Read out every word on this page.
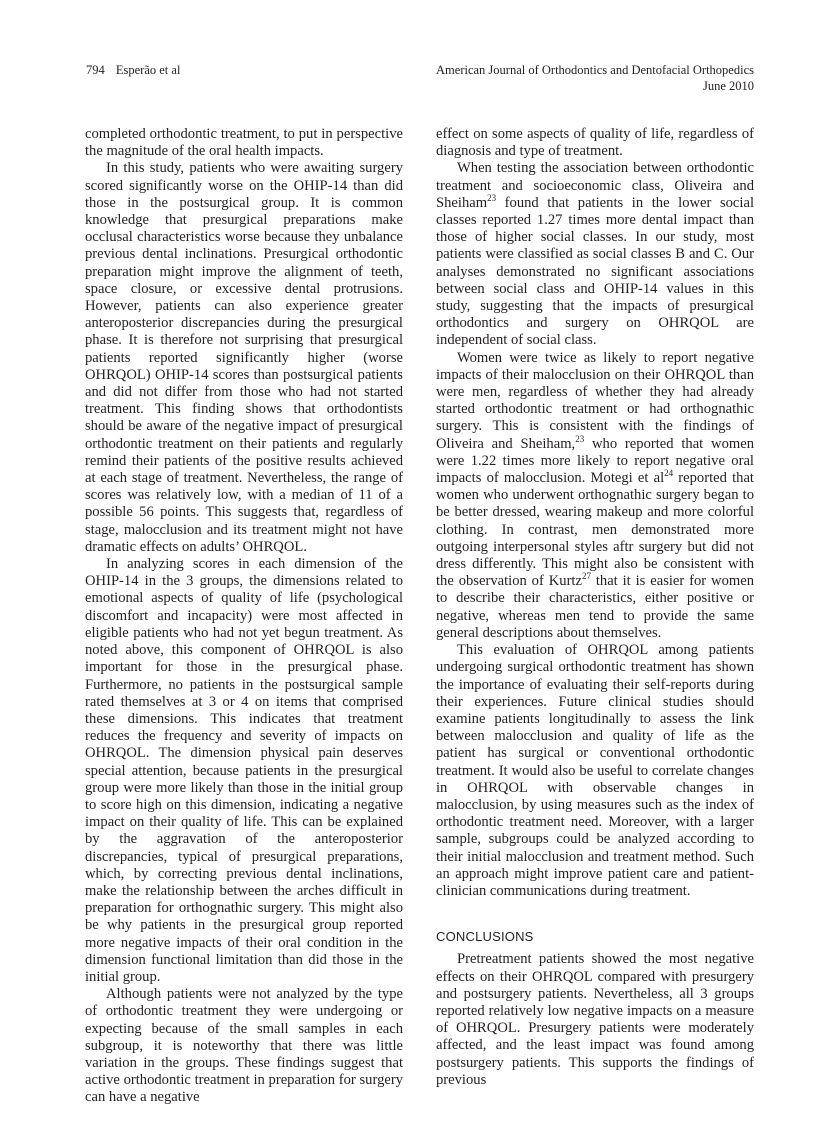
794 Esperão et al	American Journal of Orthodontics and Dentofacial Orthopedics
June 2010

completed orthodontic treatment, to put in perspective the magnitude of the oral health impacts.

In this study, patients who were awaiting surgery scored significantly worse on the OHIP-14 than did those in the postsurgical group. It is common knowledge that presurgical preparations make occlusal characteristics worse because they unbalance previous dental inclinations. Presurgical orthodontic preparation might improve the alignment of teeth, space closure, or excessive dental protrusions. However, patients can also experience greater anteroposterior discrepancies during the presurgical phase. It is therefore not surprising that presurgical patients reported significantly higher (worse OHRQOL) OHIP-14 scores than postsurgical patients and did not differ from those who had not started treatment. This finding shows that orthodontists should be aware of the negative impact of presurgical orthodontic treatment on their patients and regularly remind their patients of the positive results achieved at each stage of treatment. Nevertheless, the range of scores was relatively low, with a median of 11 of a possible 56 points. This suggests that, regardless of stage, malocclusion and its treatment might not have dramatic effects on adults’ OHRQOL.

In analyzing scores in each dimension of the OHIP-14 in the 3 groups, the dimensions related to emotional aspects of quality of life (psychological discomfort and incapacity) were most affected in eligible patients who had not yet begun treatment. As noted above, this component of OHRQOL is also important for those in the presurgical phase. Furthermore, no patients in the postsurgical sample rated themselves at 3 or 4 on items that comprised these dimensions. This indicates that treatment reduces the frequency and severity of impacts on OHRQOL. The dimension physical pain deserves special attention, because patients in the presurgical group were more likely than those in the initial group to score high on this dimension, indicating a negative impact on their quality of life. This can be explained by the aggravation of the anteroposterior discrepancies, typical of presurgical preparations, which, by correcting previous dental inclinations, make the relationship between the arches difficult in preparation for orthognathic surgery. This might also be why patients in the presurgical group reported more negative impacts of their oral condition in the dimension functional limitation than did those in the initial group.

Although patients were not analyzed by the type of orthodontic treatment they were undergoing or expecting because of the small samples in each subgroup, it is noteworthy that there was little variation in the groups. These findings suggest that active orthodontic treatment in preparation for surgery can have a negative

effect on some aspects of quality of life, regardless of diagnosis and type of treatment.

When testing the association between orthodontic treatment and socioeconomic class, Oliveira and Sheiham$^{23}$ found that patients in the lower social classes reported 1.27 times more dental impact than those of higher social classes. In our study, most patients were classified as social classes B and C. Our analyses demonstrated no significant associations between social class and OHIP-14 values in this study, suggesting that the impacts of presurgical orthodontics and surgery on OHRQOL are independent of social class.

Women were twice as likely to report negative impacts of their malocclusion on their OHRQOL than were men, regardless of whether they had already started orthodontic treatment or had orthognathic surgery. This is consistent with the findings of Oliveira and Sheiham,$^{23}$ who reported that women were 1.22 times more likely to report negative oral impacts of malocclusion. Motegi et $al^{24}$ reported that women who underwent orthognathic surgery began to be better dressed, wearing makeup and more colorful clothing. In contrast, men demonstrated more outgoing interpersonal styles aftr surgery but did not dress differently. This might also be consistent with the observation of Kurtz$^{27}$ that it is easier for women to describe their characteristics, either positive or negative, whereas men tend to provide the same general descriptions about themselves.

This evaluation of OHRQOL among patients undergoing surgical orthodontic treatment has shown the importance of evaluating their self-reports during their experiences. Future clinical studies should examine patients longitudinally to assess the link between malocclusion and quality of life as the patient has surgical or conventional orthodontic treatment. It would also be useful to correlate changes in OHRQOL with observable changes in malocclusion, by using measures such as the index of orthodontic treatment need. Moreover, with a larger sample, subgroups could be analyzed according to their initial malocclusion and treatment method. Such an approach might improve patient care and patient-clinician communications during treatment.

CONCLUSIONS

Pretreatment patients showed the most negative effects on their OHRQOL compared with presurgery and postsurgery patients. Nevertheless, all 3 groups reported relatively low negative impacts on a measure of OHRQOL. Presurgery patients were moderately affected, and the least impact was found among postsurgery patients. This supports the findings of previous
